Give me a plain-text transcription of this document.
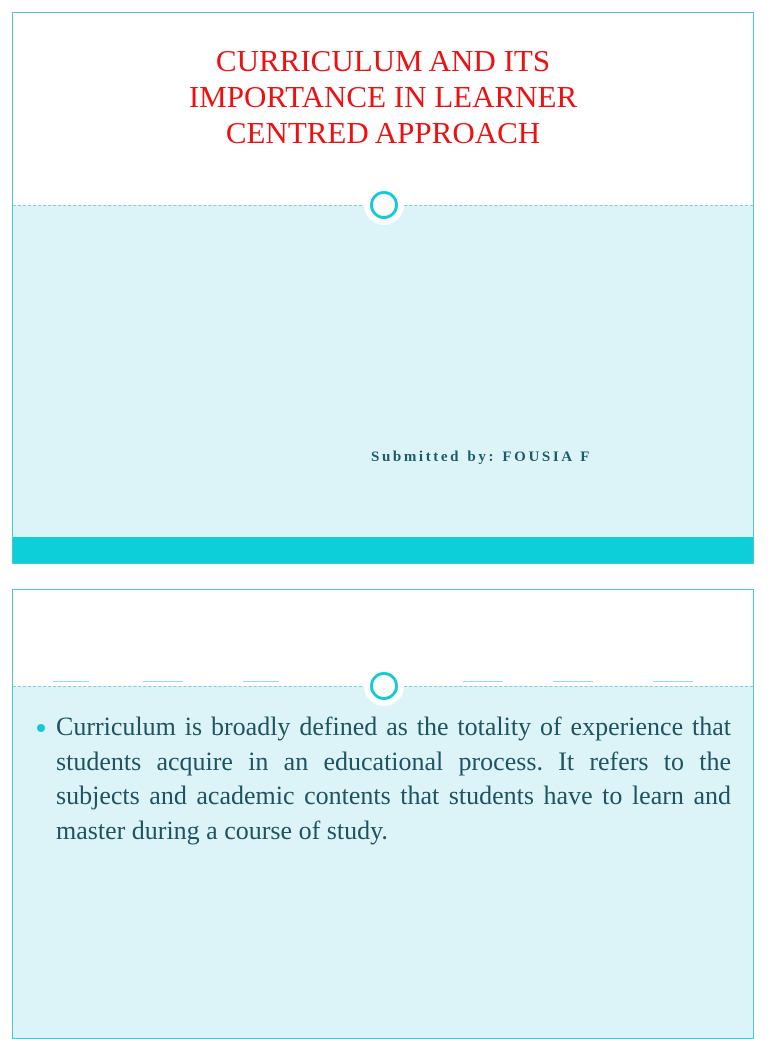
CURRICULUM AND ITS
IMPORTANCE IN LEARNER
CENTRED APPROACH
Submitted by: FOUSIA F
Curriculum is broadly defined as the totality of experience that students acquire in an educational process. It refers to the subjects and academic contents that students have to learn and master during a course of study.
